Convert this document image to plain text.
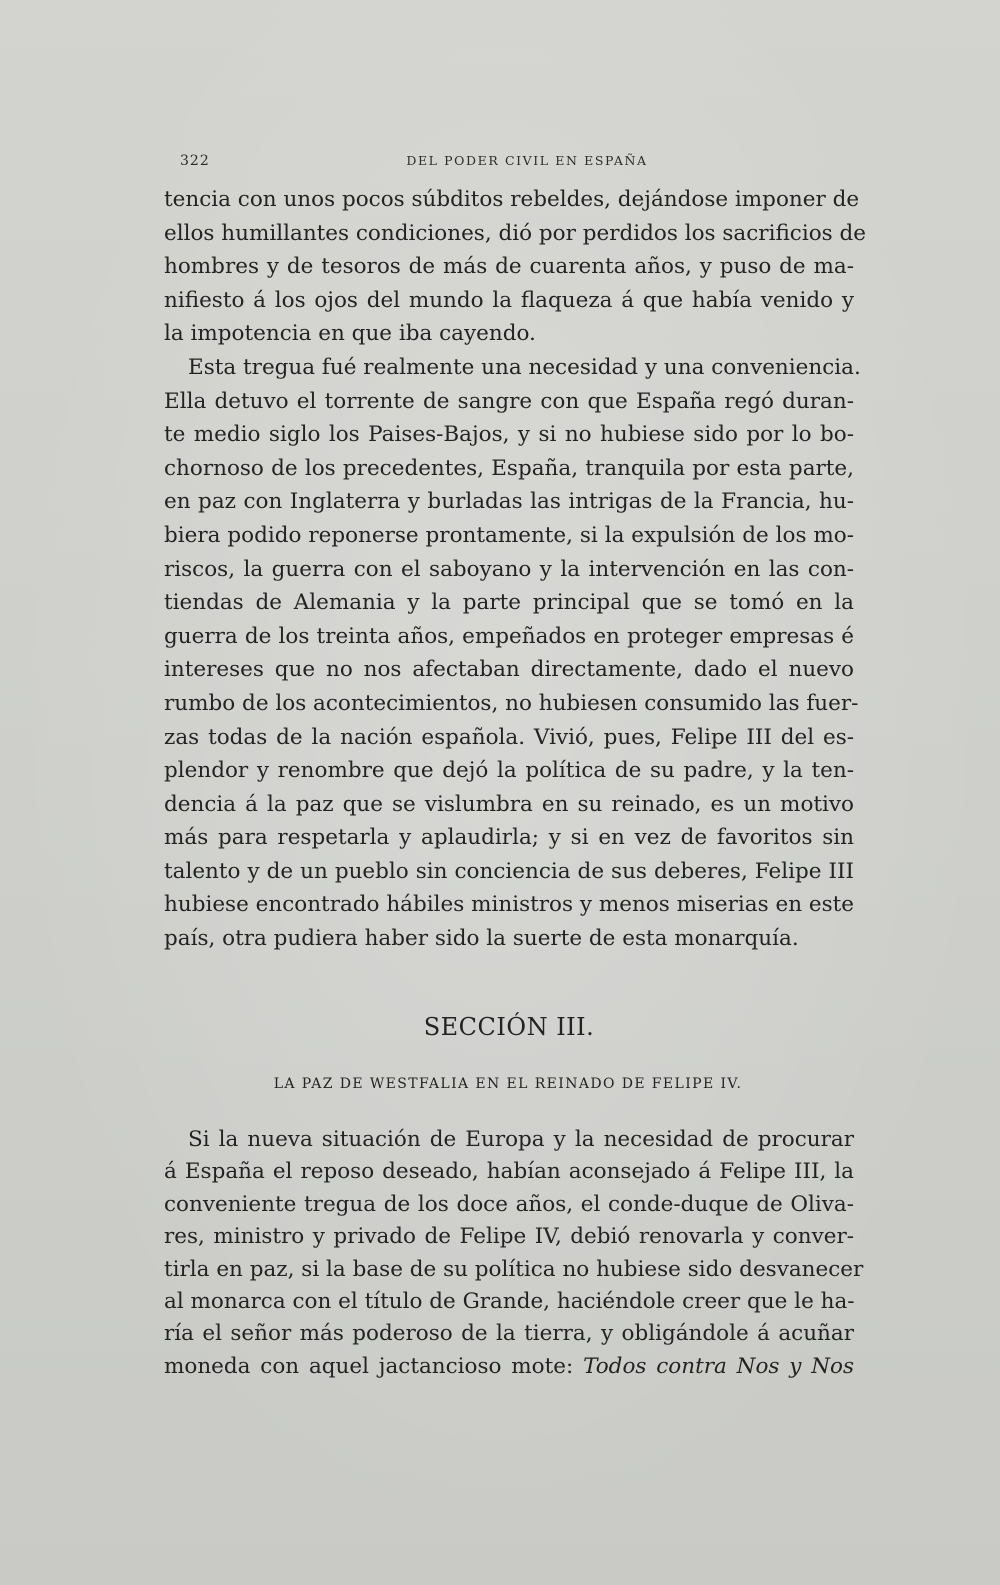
322	DEL PODER CIVIL EN ESPAÑA
tencia con unos pocos súbditos rebeldes, dejándose imponer de
ellos humillantes condiciones, dió por perdidos los sacrificios de
hombres y de tesoros de más de cuarenta años, y puso de ma-
nifiesto á los ojos del mundo la flaqueza á que había venido y
la impotencia en que iba cayendo.
Esta tregua fué realmente una necesidad y una conveniencia.
Ella detuvo el torrente de sangre con que España regó duran-
te medio siglo los Paises-Bajos, y si no hubiese sido por lo bo-
chornoso de los precedentes, España, tranquila por esta parte,
en paz con Inglaterra y burladas las intrigas de la Francia, hu-
biera podido reponerse prontamente, si la expulsión de los mo-
riscos, la guerra con el saboyano y la intervención en las con-
tiendas de Alemania y la parte principal que se tomó en la
guerra de los treinta años, empeñados en proteger empresas é
intereses que no nos afectaban directamente, dado el nuevo
rumbo de los acontecimientos, no hubiesen consumido las fuer-
zas todas de la nación española. Vivió, pues, Felipe III del es-
plendor y renombre que dejó la política de su padre, y la ten-
dencia á la paz que se vislumbra en su reinado, es un motivo
más para respetarla y aplaudirla; y si en vez de favoritos sin
talento y de un pueblo sin conciencia de sus deberes, Felipe III
hubiese encontrado hábiles ministros y menos miserias en este
país, otra pudiera haber sido la suerte de esta monarquía.
SECCIÓN III.
LA PAZ DE WESTFALIA EN EL REINADO DE FELIPE IV.
Si la nueva situación de Europa y la necesidad de procurar
á España el reposo deseado, habían aconsejado á Felipe III, la
conveniente tregua de los doce años, el conde-duque de Oliva-
res, ministro y privado de Felipe IV, debió renovarla y conver-
tirla en paz, si la base de su política no hubiese sido desvanecer
al monarca con el título de Grande, haciéndole creer que le ha-
ría el señor más poderoso de la tierra, y obligándole á acuñar
moneda con aquel jactancioso mote: Todos contra Nos y Nos
